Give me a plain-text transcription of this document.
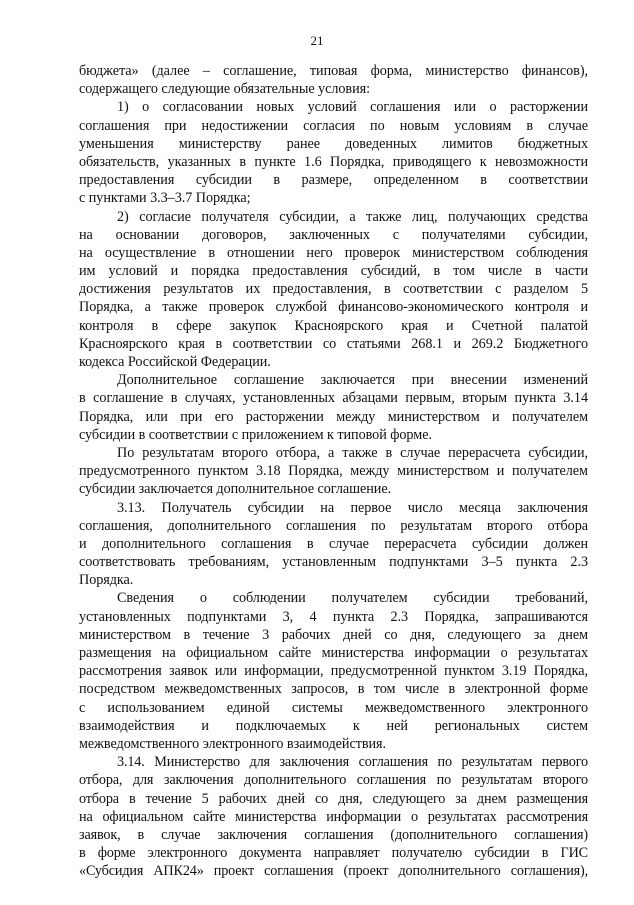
21
бюджета» (далее – соглашение, типовая форма, министерство финансов),
содержащего следующие обязательные условия:
1) о согласовании новых условий соглашения или о расторжении
соглашения при недостижении согласия по новым условиям в случае
уменьшения министерству ранее доведенных лимитов бюджетных
обязательств, указанных в пункте 1.6 Порядка, приводящего к невозможности
предоставления субсидии в размере, определенном в соответствии
с пунктами 3.3–3.7 Порядка;
2) согласие получателя субсидии, а также лиц, получающих средства
на основании договоров, заключенных с получателями субсидии,
на осуществление в отношении него проверок министерством соблюдения
им условий и порядка предоставления субсидий, в том числе в части
достижения результатов их предоставления, в соответствии с разделом 5
Порядка, а также проверок службой финансово-экономического контроля и
контроля в сфере закупок Красноярского края и Счетной палатой
Красноярского края в соответствии со статьями 268.1 и 269.2 Бюджетного
кодекса Российской Федерации.
Дополнительное соглашение заключается при внесении изменений
в соглашение в случаях, установленных абзацами первым, вторым пункта 3.14
Порядка, или при его расторжении между министерством и получателем
субсидии в соответствии с приложением к типовой форме.
По результатам второго отбора, а также в случае перерасчета субсидии,
предусмотренного пунктом 3.18 Порядка, между министерством и получателем
субсидии заключается дополнительное соглашение.
3.13. Получатель субсидии на первое число месяца заключения
соглашения, дополнительного соглашения по результатам второго отбора
и дополнительного соглашения в случае перерасчета субсидии должен
соответствовать требованиям, установленным подпунктами 3–5 пункта 2.3
Порядка.
Сведения о соблюдении получателем субсидии требований,
установленных подпунктами 3, 4 пункта 2.3 Порядка, запрашиваются
министерством в течение 3 рабочих дней со дня, следующего за днем
размещения на официальном сайте министерства информации о результатах
рассмотрения заявок или информации, предусмотренной пунктом 3.19 Порядка,
посредством межведомственных запросов, в том числе в электронной форме
с использованием единой системы межведомственного электронного
взаимодействия и подключаемых к ней региональных систем
межведомственного электронного взаимодействия.
3.14. Министерство для заключения соглашения по результатам первого
отбора, для заключения дополнительного соглашения по результатам второго
отбора в течение 5 рабочих дней со дня, следующего за днем размещения
на официальном сайте министерства информации о результатах рассмотрения
заявок, в случае заключения соглашения (дополнительного соглашения)
в форме электронного документа направляет получателю субсидии в ГИС
«Субсидия АПК24» проект соглашения (проект дополнительного соглашения),
